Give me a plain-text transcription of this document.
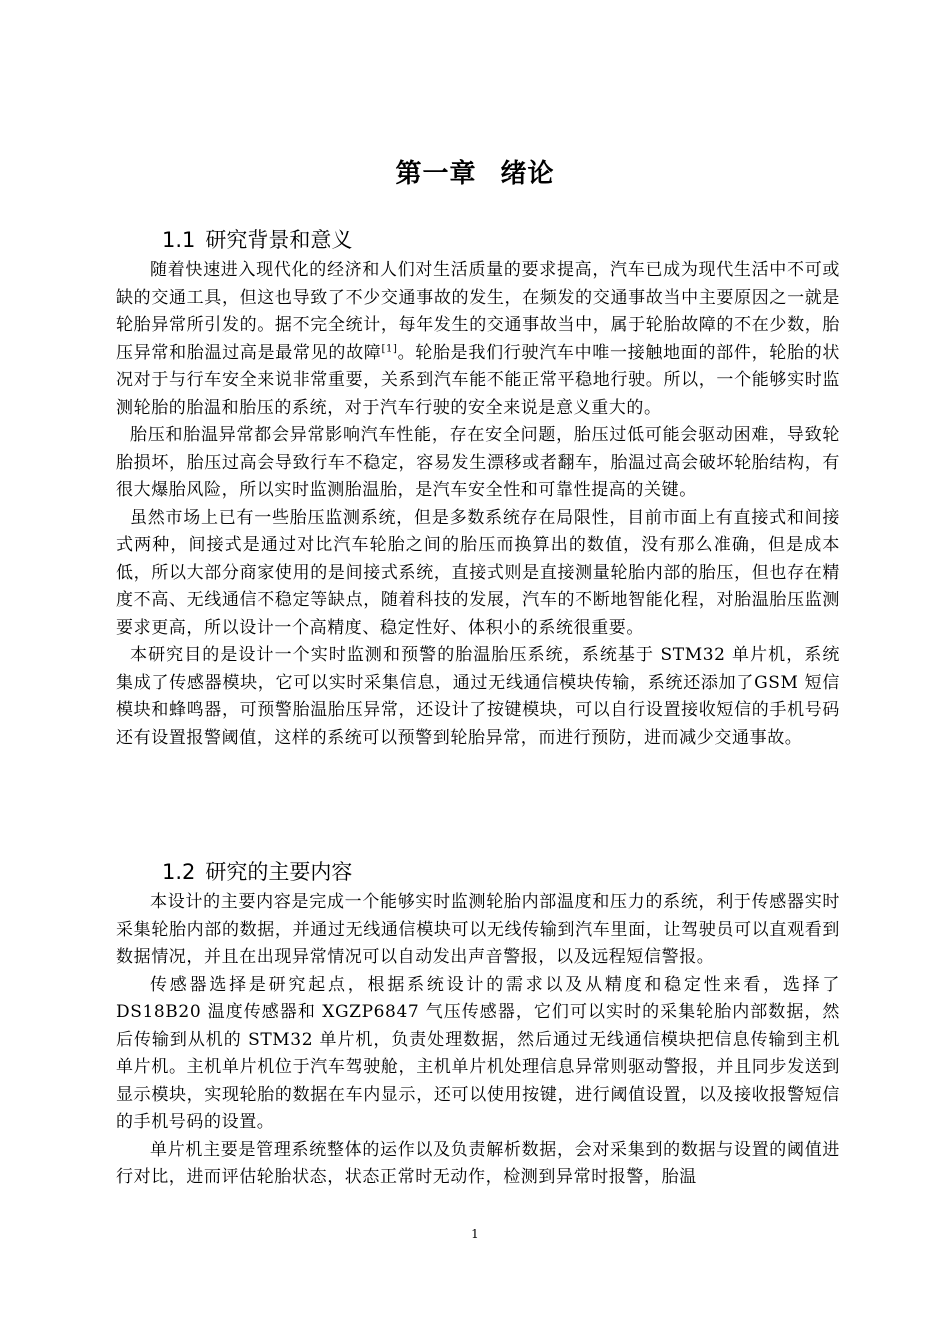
第一章 绪论
1.1 研究背景和意义

随着快速进入现代化的经济和人们对生活质量的要求提高，汽车已成为现代生活中不可或缺的交通工具，但这也导致了不少交通事故的发生，在频发的交通事故当中主要原因之一就是轮胎异常所引发的。据不完全统计，每年发生的交通事故当中，属于轮胎故障的不在少数，胎压异常和胎温过高是最常见的故障[1]。轮胎是我们行驶汽车中唯一接触地面的部件，轮胎的状况对于与行车安全来说非常重要，关系到汽车能不能正常平稳地行驶。所以，一个能够实时监测轮胎的胎温和胎压的系统，对于汽车行驶的安全来说是意义重大的。

胎压和胎温异常都会异常影响汽车性能，存在安全问题，胎压过低可能会驱动困难，导致轮胎损坏，胎压过高会导致行车不稳定，容易发生漂移或者翻车，胎温过高会破坏轮胎结构，有很大爆胎风险，所以实时监测胎温胎，是汽车安全性和可靠性提高的关键。

虽然市场上已有一些胎压监测系统，但是多数系统存在局限性，目前市面上有直接式和间接式两种，间接式是通过对比汽车轮胎之间的胎压而换算出的数值，没有那么准确，但是成本低，所以大部分商家使用的是间接式系统，直接式则是直接测量轮胎内部的胎压，但也存在精度不高、无线通信不稳定等缺点，随着科技的发展，汽车的不断地智能化程，对胎温胎压监测要求更高，所以设计一个高精度、稳定性好、体积小的系统很重要。

本研究目的是设计一个实时监测和预警的胎温胎压系统，系统基于 STM32 单片机，系统集成了传感器模块，它可以实时采集信息，通过无线通信模块传输，系统还添加了GSM 短信模块和蜂鸣器，可预警胎温胎压异常，还设计了按键模块，可以自行设置接收短信的手机号码还有设置报警阈值，这样的系统可以预警到轮胎异常，而进行预防，进而减少交通事故。

1.2 研究的主要内容

本设计的主要内容是完成一个能够实时监测轮胎内部温度和压力的系统，利于传感器实时采集轮胎内部的数据，并通过无线通信模块可以无线传输到汽车里面，让驾驶员可以直观看到数据情况，并且在出现异常情况可以自动发出声音警报，以及远程短信警报。

传感器选择是研究起点，根据系统设计的需求以及从精度和稳定性来看，选择了DS18B20 温度传感器和 XGZP6847 气压传感器，它们可以实时的采集轮胎内部数据，然后传输到从机的 STM32 单片机，负责处理数据，然后通过无线通信模块把信息传输到主机单片机。主机单片机位于汽车驾驶舱，主机单片机处理信息异常则驱动警报，并且同步发送到显示模块，实现轮胎的数据在车内显示，还可以使用按键，进行阈值设置，以及接收报警短信的手机号码的设置。

单片机主要是管理系统整体的运作以及负责解析数据，会对采集到的数据与设置的阈值进行对比，进而评估轮胎状态，状态正常时无动作，检测到异常时报警，胎温

1
